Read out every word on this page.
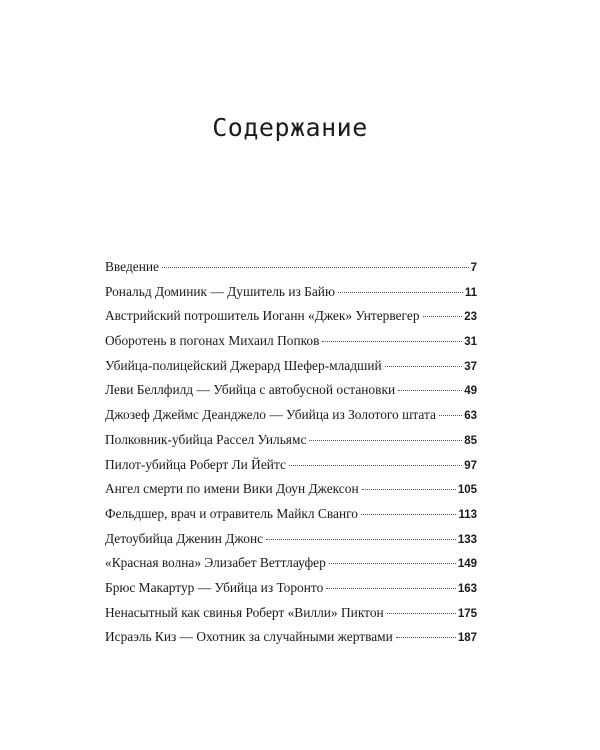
Содержание
Введение	7
Рональд Доминик — Душитель из Байю	11
Австрийский потрошитель Иоганн «Джек» Унтервегер	23
Оборотень в погонах Михаил Попков	31
Убийца-полицейский Джерард Шефер-младший	37
Леви Беллфилд — Убийца с автобусной остановки	49
Джозеф Джеймс Деанджело — Убийца из Золотого штата 63
Полковник-убийца Рассел Уильямс	85
Пилот-убийца Роберт Ли Йейтс	97
Ангел смерти по имени Вики Доун Джексон	105
Фельдшер, врач и отравитель Майкл Сванго	113
Детоубийца Дженин Джонс	133
«Красная волна» Элизабет Веттлауфер	149
Брюс Макартур — Убийца из Торонто	163
Ненасытный как свинья Роберт «Вилли» Пиктон	175
Исраэль Киз — Охотник за случайными жертвами	187
